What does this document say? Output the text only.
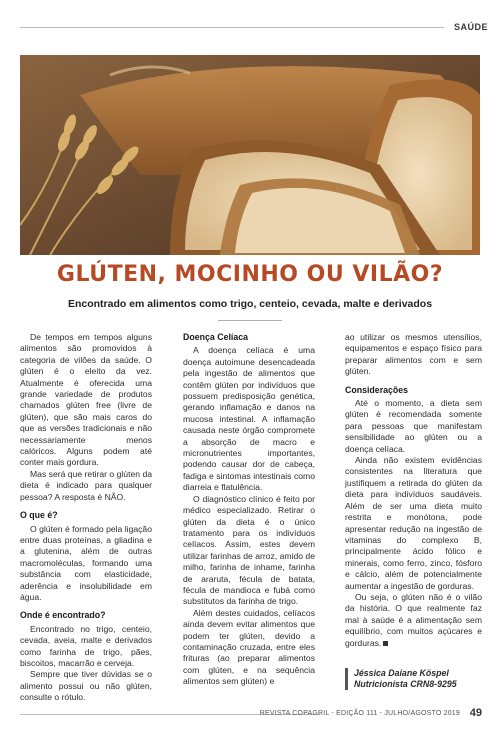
SAÚDE
GLÚTEN, MOCINHO OU VILÃO?
Encontrado em alimentos como trigo, centeio, cevada, malte e derivados

De tempos em tempos alguns alimentos são promovidos à categoria de vilões da saúde. O glúten é o eleito da vez. Atualmente é oferecida uma grande variedade de produtos chamados glúten free (livre de glúten), que são mais caros do que as versões tradicionais e não necessariamente menos calóricos. Alguns podem até conter mais gordura.

Mas será que retirar o glúten da dieta é indicado para qualquer pessoa? A resposta é NÃO.

O que é?

O glúten é formado pela ligação entre duas proteínas, a gliadina e a glutenina, além de outras macromoléculas, formando uma substância com elasticidade, aderência e insolubilidade em água.

Onde é encontrado?

Encontrado no trigo, centeio, cevada, aveia, malte e derivados como farinha de trigo, pães, biscoitos, macarrão e cerveja.

Sempre que tiver dúvidas se o alimento possui ou não glúten, consulte o rótulo.

Doença Celíaca

A doença celíaca é uma doença autoimune desencadeada pela ingestão de alimentos que contêm glúten por indivíduos que possuem predisposição genética, gerando inflamação e danos na mucosa intestinal. A inflamação causada neste órgão compromete a absorção de macro e micronutrientes importantes, podendo causar dor de cabeça, fadiga e sintomas intestinais como diarreia e flatulência.

O diagnóstico clínico é feito por médico especializado. Retirar o glúten da dieta é o único tratamento para os indivíduos celíacos. Assim, estes devem utilizar farinhas de arroz, amido de milho, farinha de inhame, farinha de araruta, fécula de batata, fécula de mandioca e fubá como substitutos da farinha de trigo.

Além destes cuidados, celíacos ainda devem evitar alimentos que podem ter glúten, devido a contaminação cruzada, entre eles frituras (ao preparar alimentos com glúten, e na sequência alimentos sem glúten) e

ao utilizar os mesmos utensílios, equipamentos e espaço físico para preparar alimentos com e sem glúten.

Considerações

Até o momento, a dieta sem glúten é recomendada somente para pessoas que manifestam sensibilidade ao glúten ou a doença celíaca.

Ainda não existem evidências consistentes na literatura que justifiquem a retirada do glúten da dieta para indivíduos saudáveis. Além de ser uma dieta muito restrita e monótona, pode apresentar redução na ingestão de vitaminas do complexo B, principalmente ácido fólico e minerais, como ferro, zinco, fósforo e cálcio, além de potencialmente aumentar a ingestão de gorduras.

Ou seja, o glúten não é o vilão da história. O que realmente faz mal à saúde é a alimentação sem equilíbrio, com muitos açúcares e gorduras.

Jéssica Daiane Köspel
Nutricionista CRN8-9295
REVISTA COPAGRIL - EDIÇÃO 111 - JULHO/AGOSTO 2019 49
